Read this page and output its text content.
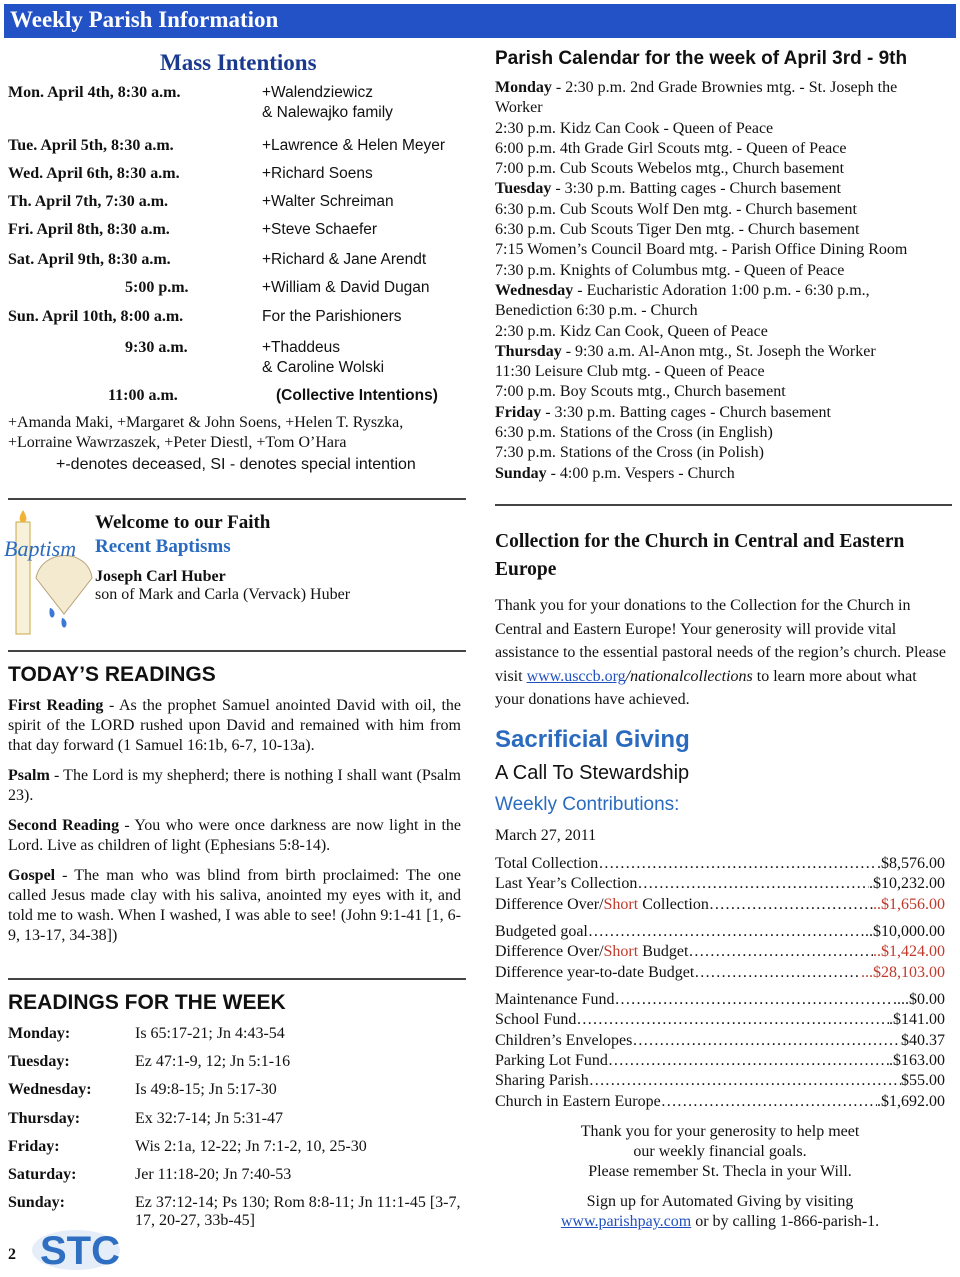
Weekly Parish Information
Mass Intentions
Mon. April 4th, 8:30 a.m.	+Walendziewicz
& Nalewajko family
Tue. April 5th, 8:30 a.m.	+Lawrence & Helen Meyer
Wed. April 6th, 8:30 a.m.	+Richard Soens
Th. April 7th, 7:30 a.m.	+Walter Schreiman
Fri. April 8th, 8:30 a.m.	+Steve Schaefer
Sat. April 9th, 8:30 a.m.	+Richard & Jane Arendt
5:00 p.m.	+William & David Dugan
Sun. April 10th, 8:00 a.m.	For the Parishioners
9:30 a.m.	+Thaddeus
& Caroline Wolski
11:00 a.m.	(Collective Intentions)
+Amanda Maki, +Margaret & John Soens, +Helen T. Ryszka,
+Lorraine Wawrzaszek, +Peter Diestl, +Tom O’Hara
+-denotes deceased, SI - denotes special intention
Baptism
Welcome to our Faith
Recent Baptisms
Joseph Carl Huber
son of Mark and Carla (Vervack) Huber
TODAY’S READINGS

First Reading - As the prophet Samuel anointed David with oil, the spirit of the LORD rushed upon David and remained with him from that day forward (1 Samuel 16:1b, 6-7, 10-13a).

Psalm - The Lord is my shepherd; there is nothing I shall want (Psalm 23).

Second Reading - You who were once darkness are now light in the Lord. Live as children of light (Ephesians 5:8-14).

Gospel - The man who was blind from birth proclaimed: The one called Jesus made clay with his saliva, anointed my eyes with it, and told me to wash. When I washed, I was able to see! (John 9:1-41 [1, 6-9, 13-17, 34-38])

READINGS FOR THE WEEK
Monday:	Is 65:17-21; Jn 4:43-54
Tuesday:	Ez 47:1-9, 12; Jn 5:1-16
Wednesday:	Is 49:8-15; Jn 5:17-30
Thursday:	Ex 32:7-14; Jn 5:31-47
Friday:	Wis 2:1a, 12-22; Jn 7:1-2, 10, 25-30
Saturday:	Jer 11:18-20; Jn 7:40-53
Sunday:	Ez 37:12-14; Ps 130; Rom 8:8-11; Jn 11:1-45 [3-7, 17, 20-27, 33b-45]
2 STC
Parish Calendar for the week of April 3rd - 9th

Monday - 2:30 p.m. 2nd Grade Brownies mtg. - St. Joseph the Worker

2:30 p.m. Kidz Can Cook - Queen of Peace

6:00 p.m. 4th Grade Girl Scouts mtg. - Queen of Peace

7:00 p.m. Cub Scouts Webelos mtg., Church basement

Tuesday - 3:30 p.m. Batting cages - Church basement

6:30 p.m. Cub Scouts Wolf Den mtg. - Church basement

6:30 p.m. Cub Scouts Tiger Den mtg. - Church basement

7:15 Women’s Council Board mtg. - Parish Office Dining Room

7:30 p.m. Knights of Columbus mtg. - Queen of Peace

Wednesday - Eucharistic Adoration 1:00 p.m. - 6:30 p.m., Benediction 6:30 p.m. - Church

2:30 p.m. Kidz Can Cook, Queen of Peace

Thursday - 9:30 a.m. Al-Anon mtg., St. Joseph the Worker

11:30 Leisure Club mtg. - Queen of Peace

7:00 p.m. Boy Scouts mtg., Church basement

Friday - 3:30 p.m. Batting cages - Church basement

6:30 p.m. Stations of the Cross (in English)

7:30 p.m. Stations of the Cross (in Polish)

Sunday - 4:00 p.m. Vespers - Church

Collection for the Church in Central and Eastern Europe
Thank you for your donations to the Collection for the Church in Central and Eastern Europe! Your generosity will provide vital assistance to the essential pastoral needs of the region’s church. Please visit www.usccb.org/nationalcollections to learn more about what your donations have achieved.
Sacrificial Giving
A Call To Stewardship
Weekly Contributions:
March 27, 2011
Total Collection ……………………………………………………………………………	.$8,576.00
Last Year’s Collection ……………………………………………………………………………	.$10,232.00
Difference Over/Short Collection ……………………………………………………………………………	..$1,656.00
Budgeted goal ……………………………………………………………………………	..$10,000.00
Difference Over/Short Budget ……………………………………………………………………………	..$1,424.00
Difference year-to-date Budget ……………………………………………………………………………	...$28,103.00
Maintenance Fund ……………………………………………………………………………	....$0.00
School Fund ……………………………………………………………………………	.$141.00
Children’s Envelopes ……………………………………………………………………………	$40.37
Parking Lot Fund ……………………………………………………………………………	.$163.00
Sharing Parish ……………………………………………………………………………	$55.00
Church in Eastern Europe ……………………………………………………………………………	.$1,692.00
Thank you for your generosity to help meet
our weekly financial goals.
Please remember St. Thecla in your Will.
Sign up for Automated Giving by visiting
www.parishpay.com or by calling 1-866-parish-1.
